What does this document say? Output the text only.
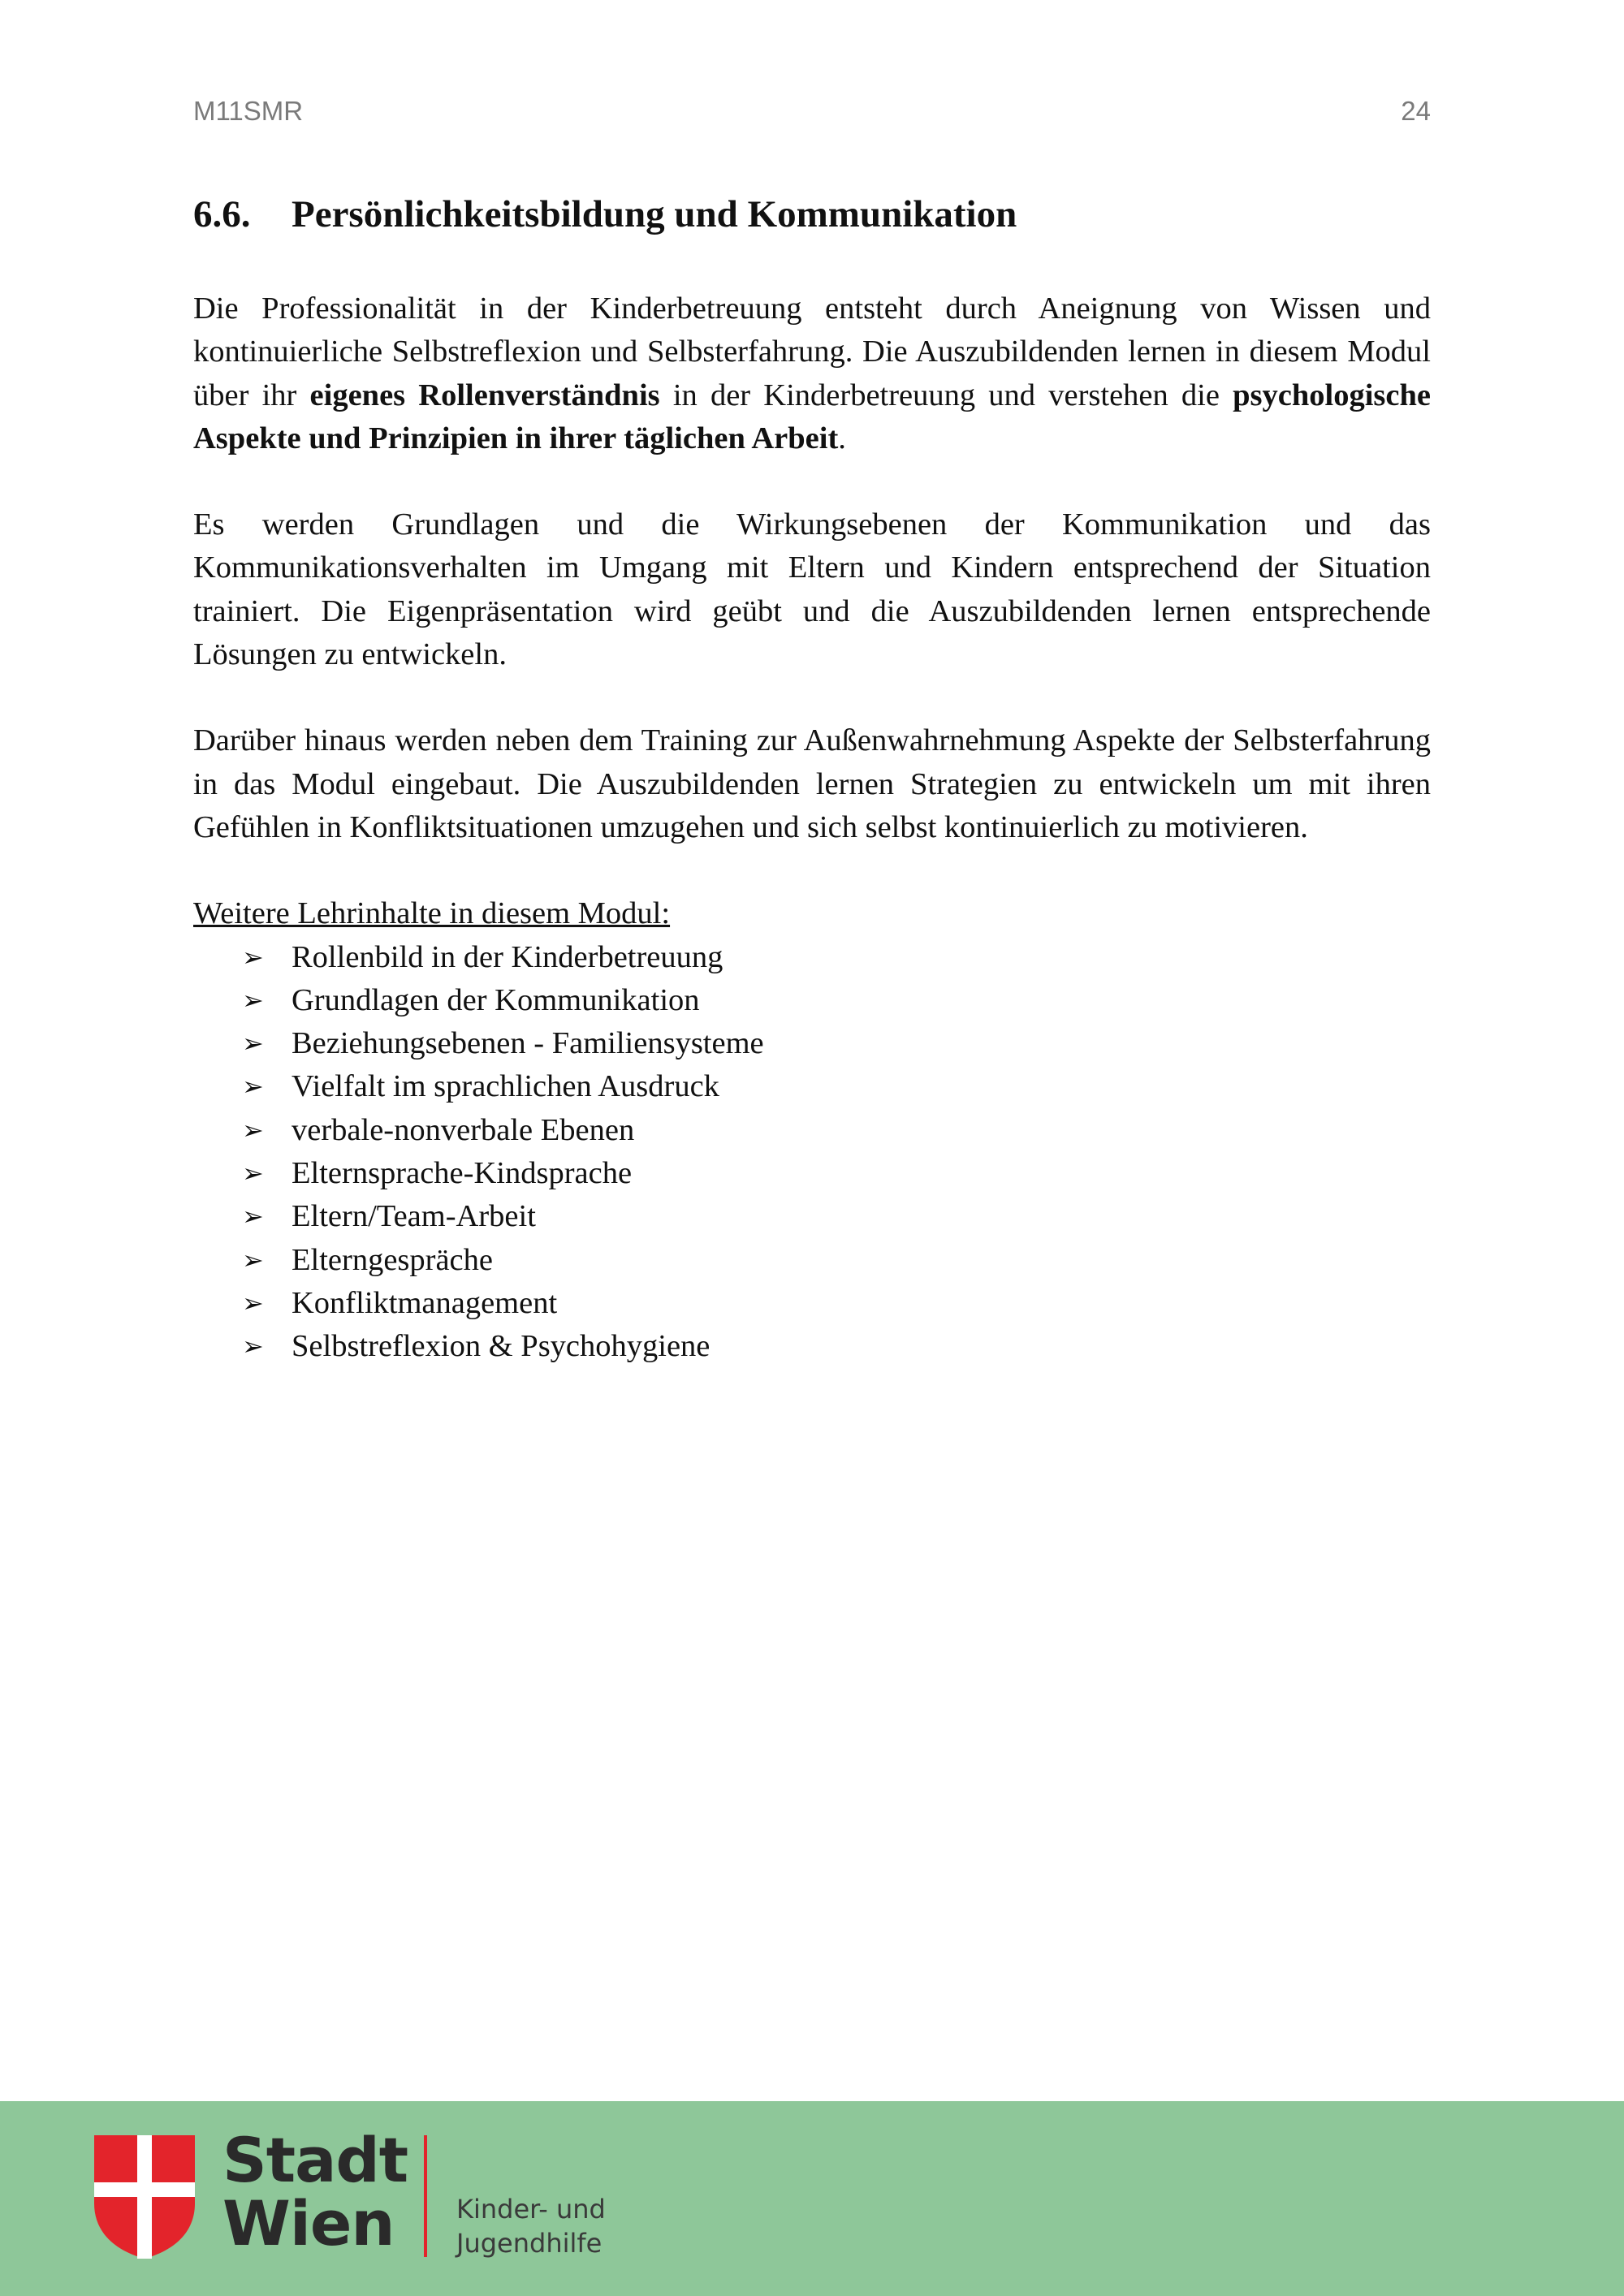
M11SMR	24
6.6. Persönlichkeitsbildung und Kommunikation

Die Professionalität in der Kinderbetreuung entsteht durch Aneignung von Wissen und kontinuierliche Selbstreflexion und Selbsterfahrung. Die Auszubildenden lernen in diesem Modul über ihr eigenes Rollenverständnis in der Kinderbetreuung und verstehen die psychologische Aspekte und Prinzipien in ihrer täglichen Arbeit.

Es werden Grundlagen und die Wirkungsebenen der Kommunikation und das Kommunikationsverhalten im Umgang mit Eltern und Kindern entsprechend der Situation trainiert. Die Eigenpräsentation wird geübt und die Auszubildenden lernen entsprechende Lösungen zu entwickeln.

Darüber hinaus werden neben dem Training zur Außenwahrnehmung Aspekte der Selbsterfahrung in das Modul eingebaut. Die Auszubildenden lernen Strategien zu entwickeln um mit ihren Gefühlen in Konfliktsituationen umzugehen und sich selbst kontinuierlich zu motivieren.

Weitere Lehrinhalte in diesem Modul:

➢ Rollenbild in der Kinderbetreuung
➢ Grundlagen der Kommunikation
➢ Beziehungsebenen - Familiensysteme
➢ Vielfalt im sprachlichen Ausdruck
➢ verbale-nonverbale Ebenen
➢ Elternsprache-Kindsprache
➢ Eltern/Team-Arbeit
➢ Elterngespräche
➢ Konfliktmanagement
➢ Selbstreflexion & Psychohygiene
Stadt
Wien	Kinder- und
Jugendhilfe
